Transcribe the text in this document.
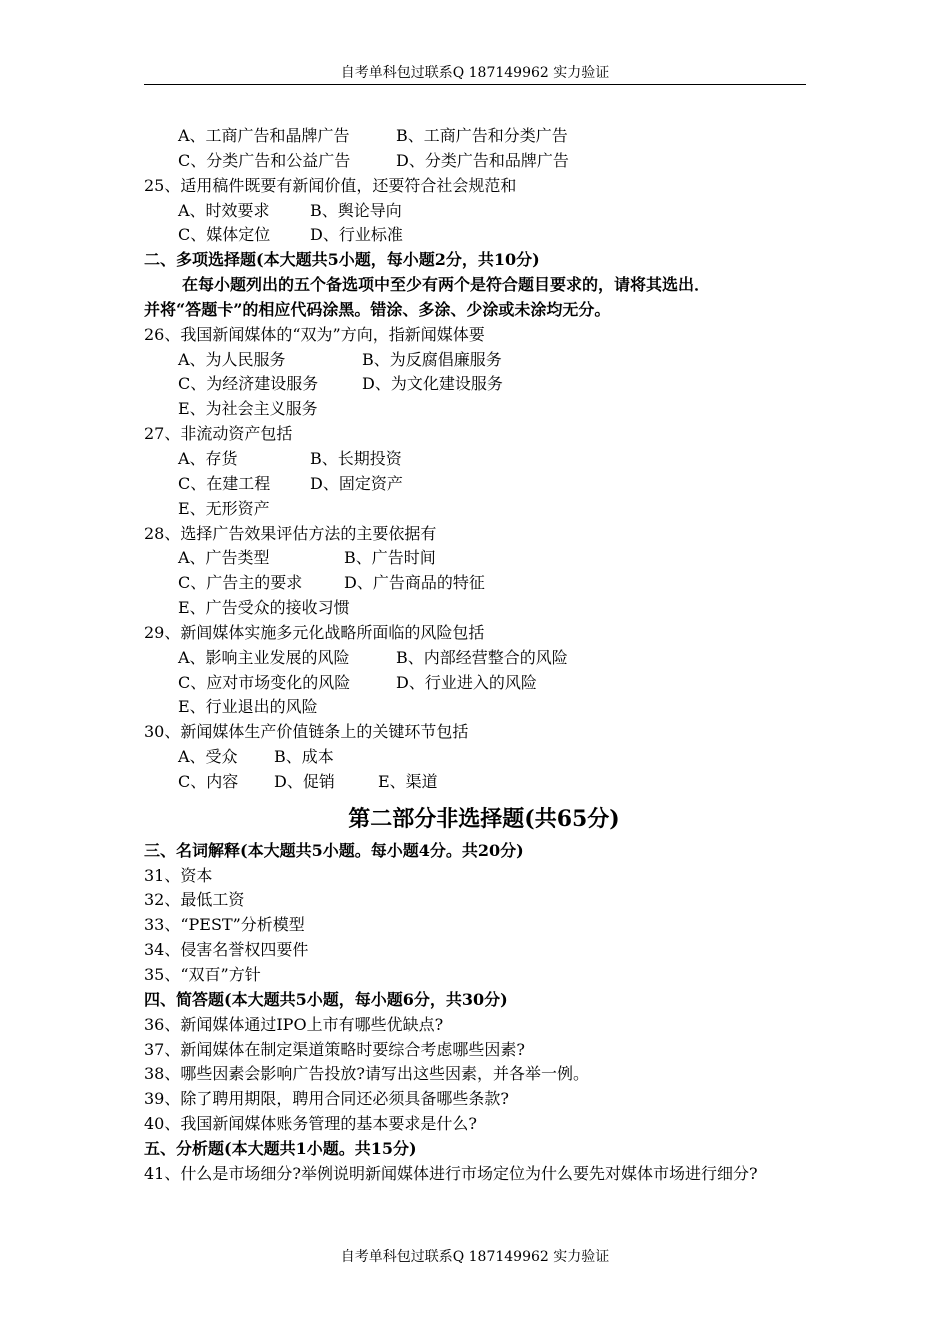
自考单科包过联系Q 187149962 实力验证
A、工商广告和晶牌广告	B、工商广告和分类广告
C、分类广告和公益广告	D、分类广告和品牌广告
25、适用稿件既要有新闻价值，还要符合社会规范和
A、时效要求	B、舆论导向
C、媒体定位 D、行业标准
二、多项选择题(本大题共5小题，每小题2分，共10分)
在每小题列出的五个备选项中至少有两个是符合题目要求的，请将其选出．
并将“答题卡”的相应代码涂黑。错涂、多涂、少涂或未涂均无分。
26、我国新闻媒体的“双为”方向，指新闻媒体要
A、为人民服务	B、为反腐倡廉服务
C、为经济建设服务	D、为文化建设服务
E、为社会主义服务
27、非流动资产包括
A、存货	B、长期投资
C、在建工程 D、固定资产
E、无形资产
28、选择广告效果评估方法的主要依据有
A、广告类型	B、广告时间
C、广告主的要求	D、广告商品的特征
E、广告受众的接收习惯
29、新闾媒体实施多元化战略所面临的风险包括
A、影响主业发展的风险	B、内部经营整合的风险
C、应对市场变化的风险	D、行业进入的风险
E、行业退出的风险
30、新闻媒体生产价值链条上的关键环节包括
A、受众 B、成本
C、内容 D、促销	E、渠道
第二部分非选择题(共65分)
三、名词解释(本大题共5小题。每小题4分。共20分)
31、资本
32、最低工资
33、“PEST”分析模型
34、侵害名誉权四要件
35、“双百”方针
四、简答题(本大题共5小题，每小题6分，共30分)
36、新闻媒体通过IPO上市有哪些优缺点?
37、新闻媒体在制定渠道策略时要综合考虑哪些因素?
38、哪些因素会影响广告投放?请写出这些因素，并各举一例。
39、除了聘用期限，聘用合同还必须具备哪些条款?
40、我国新闻媒体账务管理的基本要求是什么?
五、分析题(本大题共1小题。共15分)
41、什么是市场细分?举例说明新闻媒体进行市场定位为什么要先对媒体市场进行细分?
自考单科包过联系Q 187149962 实力验证
